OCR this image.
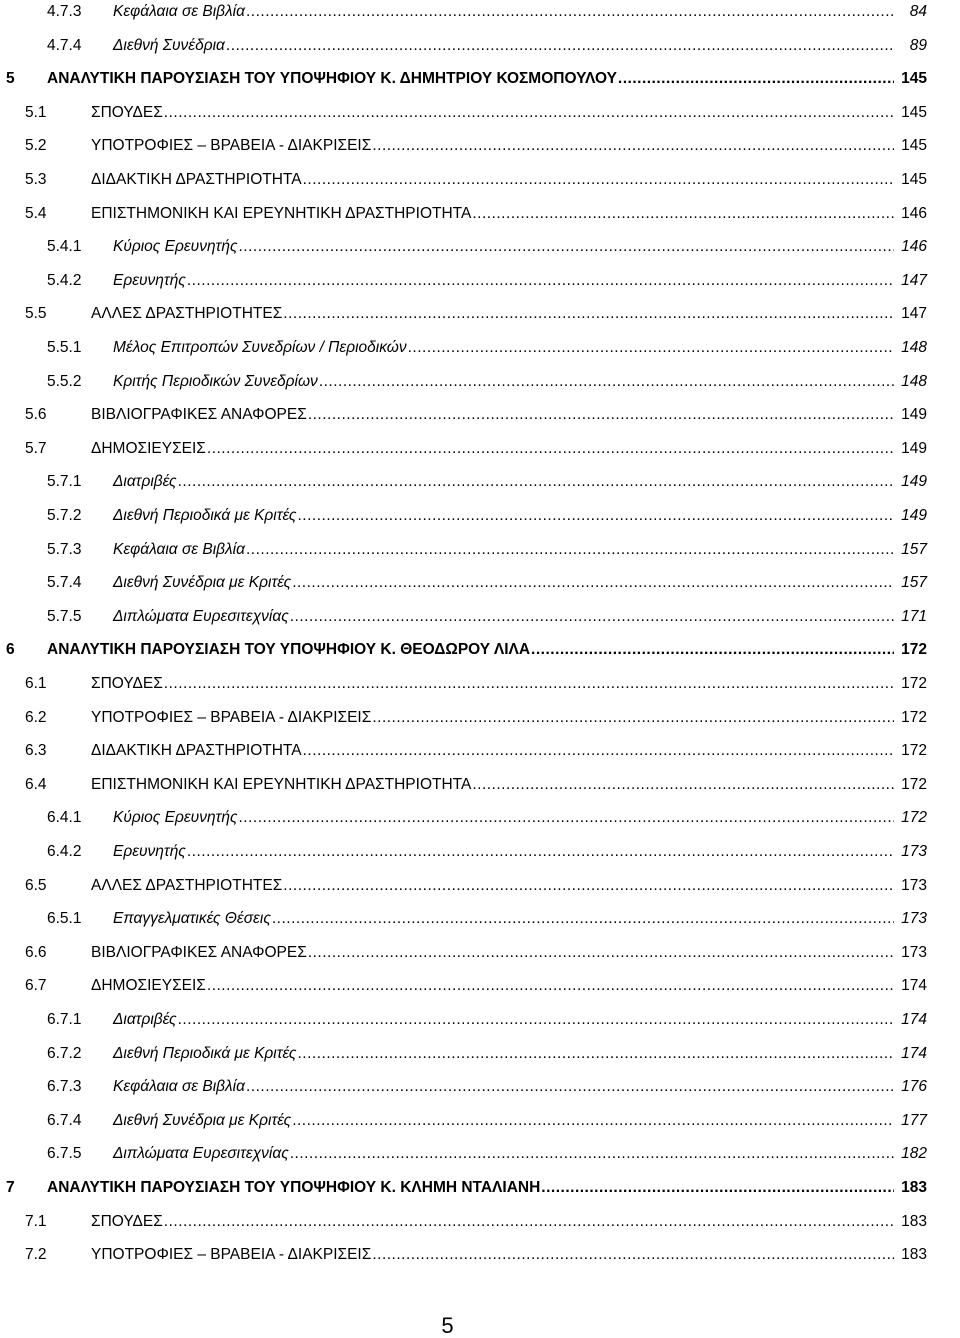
4.7.3 Κεφάλαια σε Βιβλία .....	84
4.7.4 Διεθνή Συνέδρια .....	89
5 ΑΝΑΛΥΤΙΚΗ ΠΑΡΟΥΣΙΑΣΗ ΤΟΥ ΥΠΟΨΗΦΙΟΥ Κ. ΔΗΜΗΤΡΙΟΥ ΚΟΣΜΟΠΟΥΛΟΥ .....	145
5.1	ΣΠΟΥΔΕΣ .....	145
5.2	ΥΠΟΤΡΟΦΙΕΣ – ΒΡΑΒΕΙΑ - ΔΙΑΚΡΙΣΕΙΣ .....	145
5.3	ΔΙΔΑΚΤΙΚΗ ΔΡΑΣΤΗΡΙΟΤΗΤΑ .....	145
5.4	ΕΠΙΣΤΗΜΟΝΙΚΗ ΚΑΙ ΕΡΕΥΝΗΤΙΚΗ ΔΡΑΣΤΗΡΙΟΤΗΤΑ .....	146
5.4.1 Κύριος Ερευνητής .....	146
5.4.2 Ερευνητής .....	147
5.5	ΑΛΛΕΣ ΔΡΑΣΤΗΡΙΟΤΗΤΕΣ .....	147
5.5.1 Μέλος Επιτροπών Συνεδρίων / Περιοδικών .....	148
5.5.2 Κριτής Περιοδικών Συνεδρίων .....	148
5.6	ΒΙΒΛΙΟΓΡΑΦΙΚΕΣ ΑΝΑΦΟΡΕΣ .....	149
5.7	ΔΗΜΟΣΙΕΥΣΕΙΣ .....	149
5.7.1 Διατριβές .....	149
5.7.2 Διεθνή Περιοδικά με Κριτές .....	149
5.7.3 Κεφάλαια σε Βιβλία .....	157
5.7.4 Διεθνή Συνέδρια με Κριτές .....	157
5.7.5 Διπλώματα Ευρεσιτεχνίας .....	171
6 ΑΝΑΛΥΤΙΚΗ ΠΑΡΟΥΣΙΑΣΗ ΤΟΥ ΥΠΟΨΗΦΙΟΥ Κ. ΘΕΟΔΩΡΟΥ ΛΙΛΑ .....	172
6.1	ΣΠΟΥΔΕΣ .....	172
6.2	ΥΠΟΤΡΟΦΙΕΣ – ΒΡΑΒΕΙΑ - ΔΙΑΚΡΙΣΕΙΣ .....	172
6.3	ΔΙΔΑΚΤΙΚΗ ΔΡΑΣΤΗΡΙΟΤΗΤΑ .....	172
6.4	ΕΠΙΣΤΗΜΟΝΙΚΗ ΚΑΙ ΕΡΕΥΝΗΤΙΚΗ ΔΡΑΣΤΗΡΙΟΤΗΤΑ .....	172
6.4.1 Κύριος Ερευνητής .....	172
6.4.2 Ερευνητής .....	173
6.5	ΑΛΛΕΣ ΔΡΑΣΤΗΡΙΟΤΗΤΕΣ .....	173
6.5.1 Επαγγελματικές Θέσεις .....	173
6.6	ΒΙΒΛΙΟΓΡΑΦΙΚΕΣ ΑΝΑΦΟΡΕΣ .....	173
6.7	ΔΗΜΟΣΙΕΥΣΕΙΣ .....	174
6.7.1 Διατριβές .....	174
6.7.2 Διεθνή Περιοδικά με Κριτές .....	174
6.7.3 Κεφάλαια σε Βιβλία .....	176
6.7.4 Διεθνή Συνέδρια με Κριτές .....	177
6.7.5 Διπλώματα Ευρεσιτεχνίας .....	182
7 ΑΝΑΛΥΤΙΚΗ ΠΑΡΟΥΣΙΑΣΗ ΤΟΥ ΥΠΟΨΗΦΙΟΥ Κ. ΚΛΗΜΗ ΝΤΑΛΙΑΝΗ .....	183
7.1	ΣΠΟΥΔΕΣ .....	183
7.2	ΥΠΟΤΡΟΦΙΕΣ – ΒΡΑΒΕΙΑ - ΔΙΑΚΡΙΣΕΙΣ .....	183
5
